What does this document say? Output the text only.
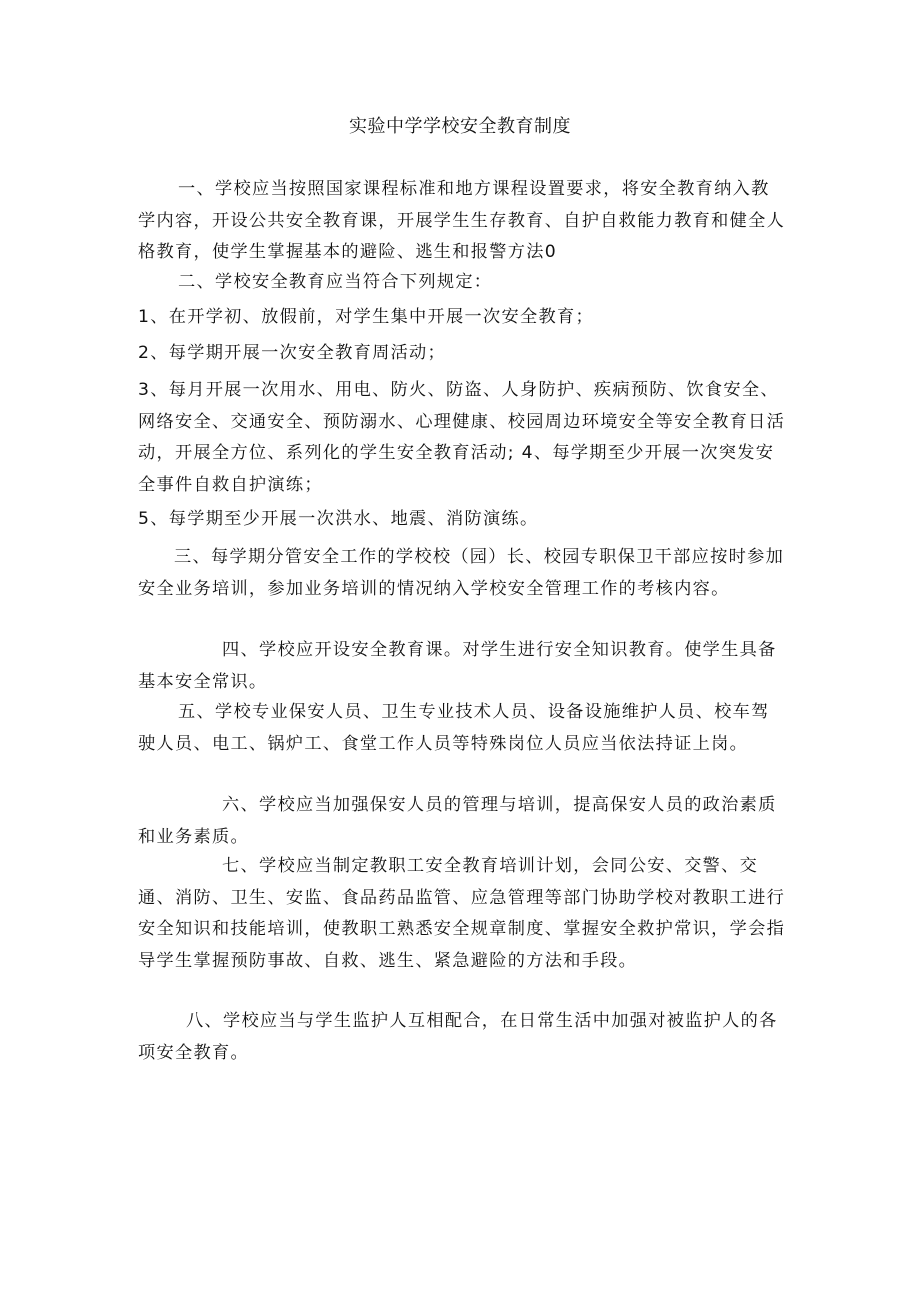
实验中学学校安全教育制度

一、学校应当按照国家课程标准和地方课程设置要求，将安全教育纳入教学内容，开设公共安全教育课，开展学生生存教育、自护自救能力教育和健全人格教育，使学生掌握基本的避险、逃生和报警方法0

二、学校安全教育应当符合下列规定：

1、在开学初、放假前，对学生集中开展一次安全教育；

2、每学期开展一次安全教育周活动；

3、每月开展一次用水、用电、防火、防盗、人身防护、疾病预防、饮食安全、网络安全、交通安全、预防溺水、心理健康、校园周边环境安全等安全教育日活动，开展全方位、系列化的学生安全教育活动; 4、每学期至少开展一次突发安全事件自救自护演练；

5、每学期至少开展一次洪水、地震、消防演练。

三、每学期分管安全工作的学校校（园）长、校园专职保卫干部应按时参加安全业务培训，参加业务培训的情况纳入学校安全管理工作的考核内容。

四、学校应开设安全教育课。对学生进行安全知识教育。使学生具备基本安全常识。

五、学校专业保安人员、卫生专业技术人员、设备设施维护人员、校车驾驶人员、电工、锅炉工、食堂工作人员等特殊岗位人员应当依法持证上岗。

六、学校应当加强保安人员的管理与培训，提高保安人员的政治素质和业务素质。

七、学校应当制定教职工安全教育培训计划，会同公安、交警、交通、消防、卫生、安监、食品药品监管、应急管理等部门协助学校对教职工进行安全知识和技能培训，使教职工熟悉安全规章制度、掌握安全救护常识，学会指导学生掌握预防事故、自救、逃生、紧急避险的方法和手段。

八、学校应当与学生监护人互相配合，在日常生活中加强对被监护人的各项安全教育。
